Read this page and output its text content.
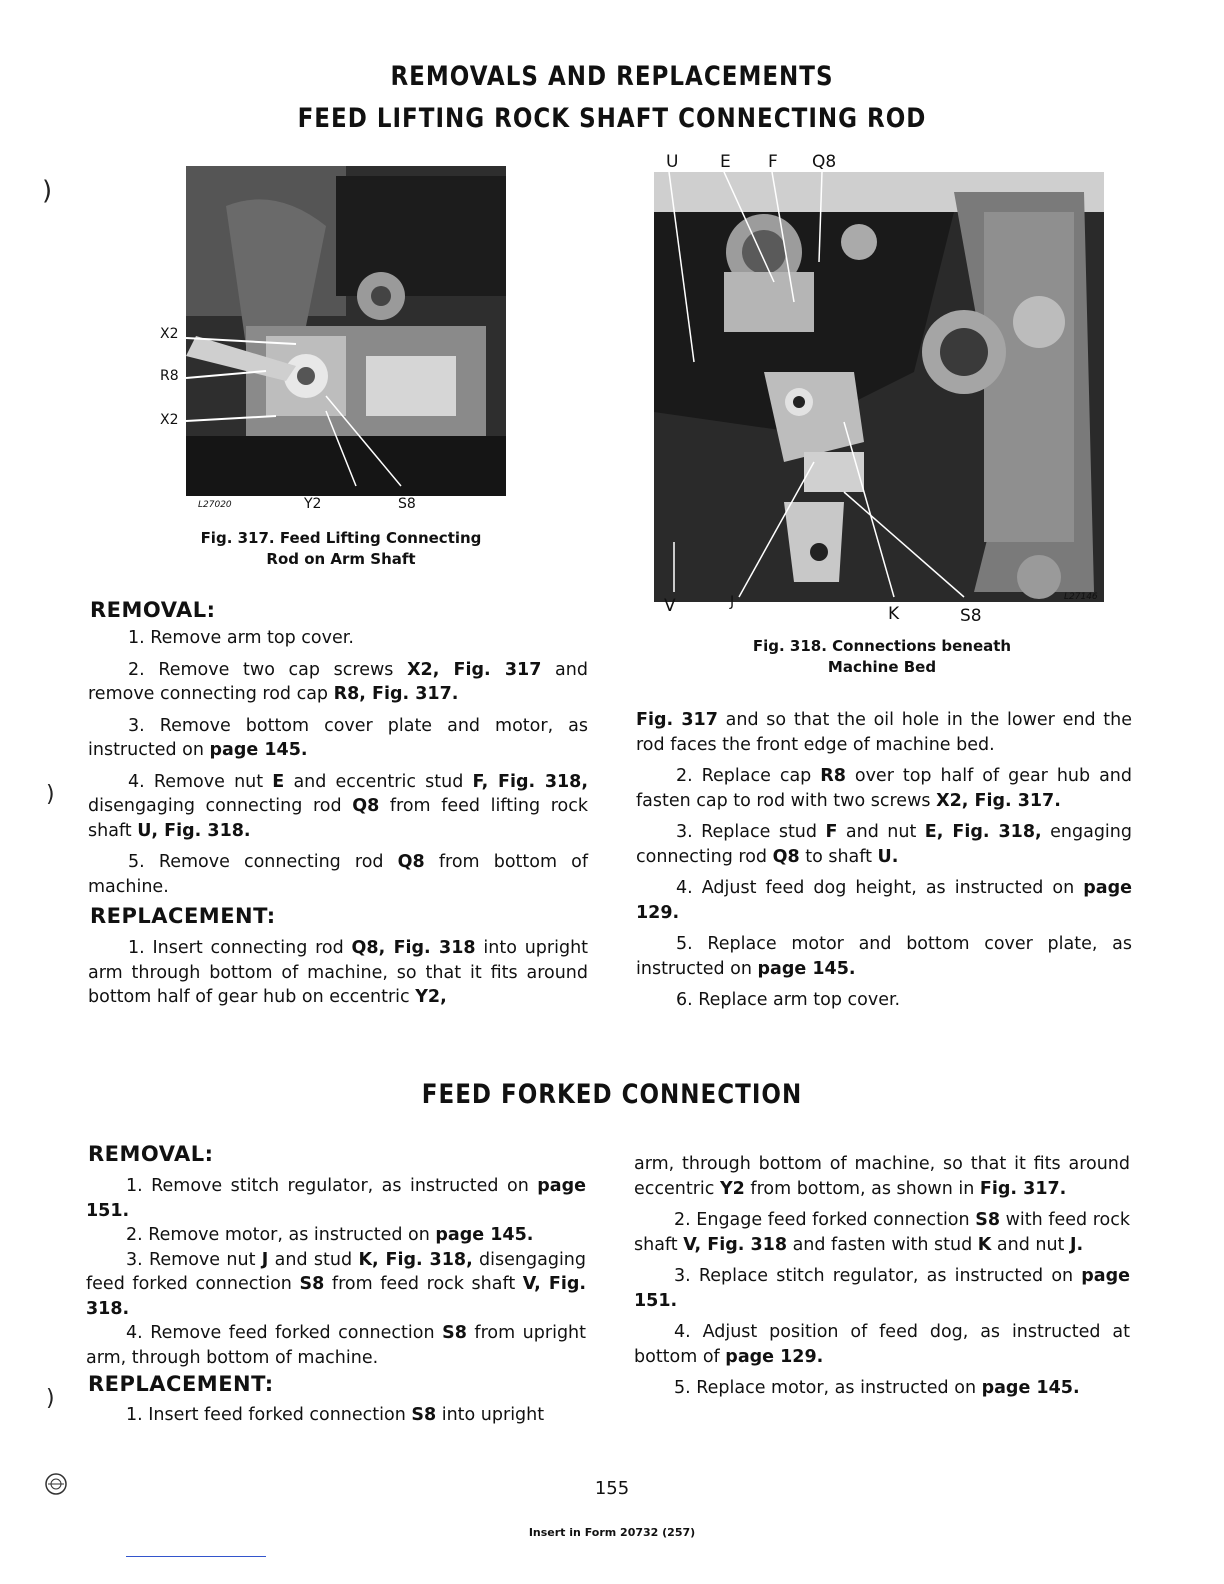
)
)
)
REMOVALS AND REPLACEMENTS
FEED LIFTING ROCK SHAFT CONNECTING ROD
X2
R8
X2
L27020	Y2	S8
Fig. 317. Feed Lifting Connecting
Rod on Arm Shaft
U E F Q8
V	J
K	S8
L27146
Fig. 318. Connections beneath
Machine Bed
REMOVAL:

1. Remove arm top cover.

2. Remove two cap screws X2, Fig. 317 and remove connecting rod cap R8, Fig. 317.

3. Remove bottom cover plate and motor, as instructed on page 145.

4. Remove nut E and eccentric stud F, Fig. 318, disengaging connecting rod Q8 from feed lifting rock shaft U, Fig. 318.

5. Remove connecting rod Q8 from bottom of machine.

REPLACEMENT:

1. Insert connecting rod Q8, Fig. 318 into upright arm through bottom of machine, so that it fits around bottom half of gear hub on eccentric Y2,

Fig. 317 and so that the oil hole in the lower end the rod faces the front edge of machine bed.

2. Replace cap R8 over top half of gear hub and fasten cap to rod with two screws X2, Fig. 317.

3. Replace stud F and nut E, Fig. 318, engaging connecting rod Q8 to shaft U.

4. Adjust feed dog height, as instructed on page 129.

5. Replace motor and bottom cover plate, as instructed on page 145.

6. Replace arm top cover.

FEED FORKED CONNECTION
REMOVAL:

1. Remove stitch regulator, as instructed on page 151.

2. Remove motor, as instructed on page 145.

3. Remove nut J and stud K, Fig. 318, disengaging feed forked connection S8 from feed rock shaft V, Fig. 318.

4. Remove feed forked connection S8 from upright arm, through bottom of machine.

REPLACEMENT:

1. Insert feed forked connection S8 into upright

arm, through bottom of machine, so that it fits around eccentric Y2 from bottom, as shown in Fig. 317.

2. Engage feed forked connection S8 with feed rock shaft V, Fig. 318 and fasten with stud K and nut J.

3. Replace stitch regulator, as instructed on page 151.

4. Adjust position of feed dog, as instructed at bottom of page 129.

5. Replace motor, as instructed on page 145.

155
Insert in Form 20732 (257)
